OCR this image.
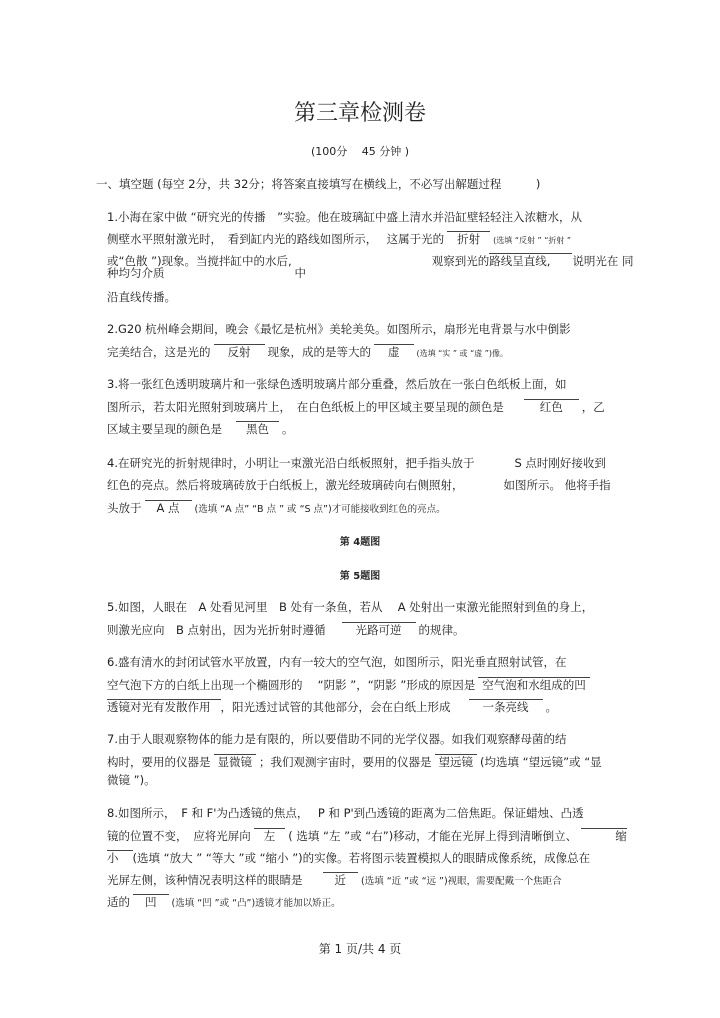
第三章检测卷
(100分　 45 分钟 )
一、填空题 (每空 2分，共 32分；将答案直接填写在横线上，不必写出解题过程　　　)
1.小海在家中做 “研究光的传播　”实验。他在玻璃缸中盛上清水并沿缸壁轻轻注入浓糖水，从
侧壁水平照射激光时，　看到缸内光的路线如图所示，　 这属于光的 折射 (选填 “反射 ” “折射 ”
或“色散 ”)现象。当搅拌缸中的水后,	观察到光的路线呈直线, 说明光在 同
种均匀介质	中
沿直线传播。
2.G20 杭州峰会期间，晚会《最忆是杭州》美轮美奂。如图所示，扇形光电背景与水中倒影
完美结合，这是光的 反射 现象，成的是等大的 虚 (选填 “实 ” 或 “虚 ”)像。
3.将一张红色透明玻璃片和一张绿色透明玻璃片部分重叠，然后放在一张白色纸板上面，如
图所示，若太阳光照射到玻璃片上，　在白色纸板上的甲区域主要呈现的颜色是	红色 ，乙
区域主要呈现的颜色是 黑色 。
4.在研究光的折射规律时，小明让一束激光沿白纸板照射，把手指头放于	S 点时刚好接收到
红色的亮点。然后将玻璃砖放于白纸板上，激光经玻璃砖向右侧照射，	如图所示。 他将手指
头放于 A 点 (选填 “A 点” “B 点 ” 或 “S 点”)才可能接收到红色的亮点。
第 4题图
第 5题图
5.如图，人眼在　A 处看见河里　B 处有一条鱼，若从　 A 处射出一束激光能照射到鱼的身上，
则激光应向　B 点射出，因为光折射时遵循	光路可逆 的规律。
6.盛有清水的封闭试管水平放置，内有一较大的空气泡，如图所示，阳光垂直照射试管，在
空气泡下方的白纸上出现一个椭圆形的　 “阴影 ”，“阴影 ”形成的原因是 空气泡和水组成的凹
透镜对光有发散作用 ，阳光透过试管的其他部分，会在白纸上形成	一条亮线 。
7.由于人眼观察物体的能力是有限的，所以要借助不同的光学仪器。如我们观察酵母菌的结
构时，要用的仪器是 显微镜 ；我们观测宇宙时，要用的仪器是 望远镜 (均选填 “望远镜”或 “显
微镜 ”)。
8.如图所示，　F 和 F'为凸透镜的焦点，　 P 和 P'到凸透镜的距离为二倍焦距。保证蜡烛、凸透
镜的位置不变，　应将光屏向 左 ( 选填 “左 ”或 “右”)移动，才能在光屏上得到清晰倒立、	缩
小 (选填 “放大 ” “等大 ”或 “缩小 ”)的实像。若将图示装置模拟人的眼睛成像系统，成像总在
光屏左侧，该种情况表明这样的眼睛是	近 (选填 “近 ”或 “远 ”)视眼，需要配戴一个焦距合
适的 凹 (选填 “凹 ”或 “凸”)透镜才能加以矫正。
第 1 页/共 4 页
